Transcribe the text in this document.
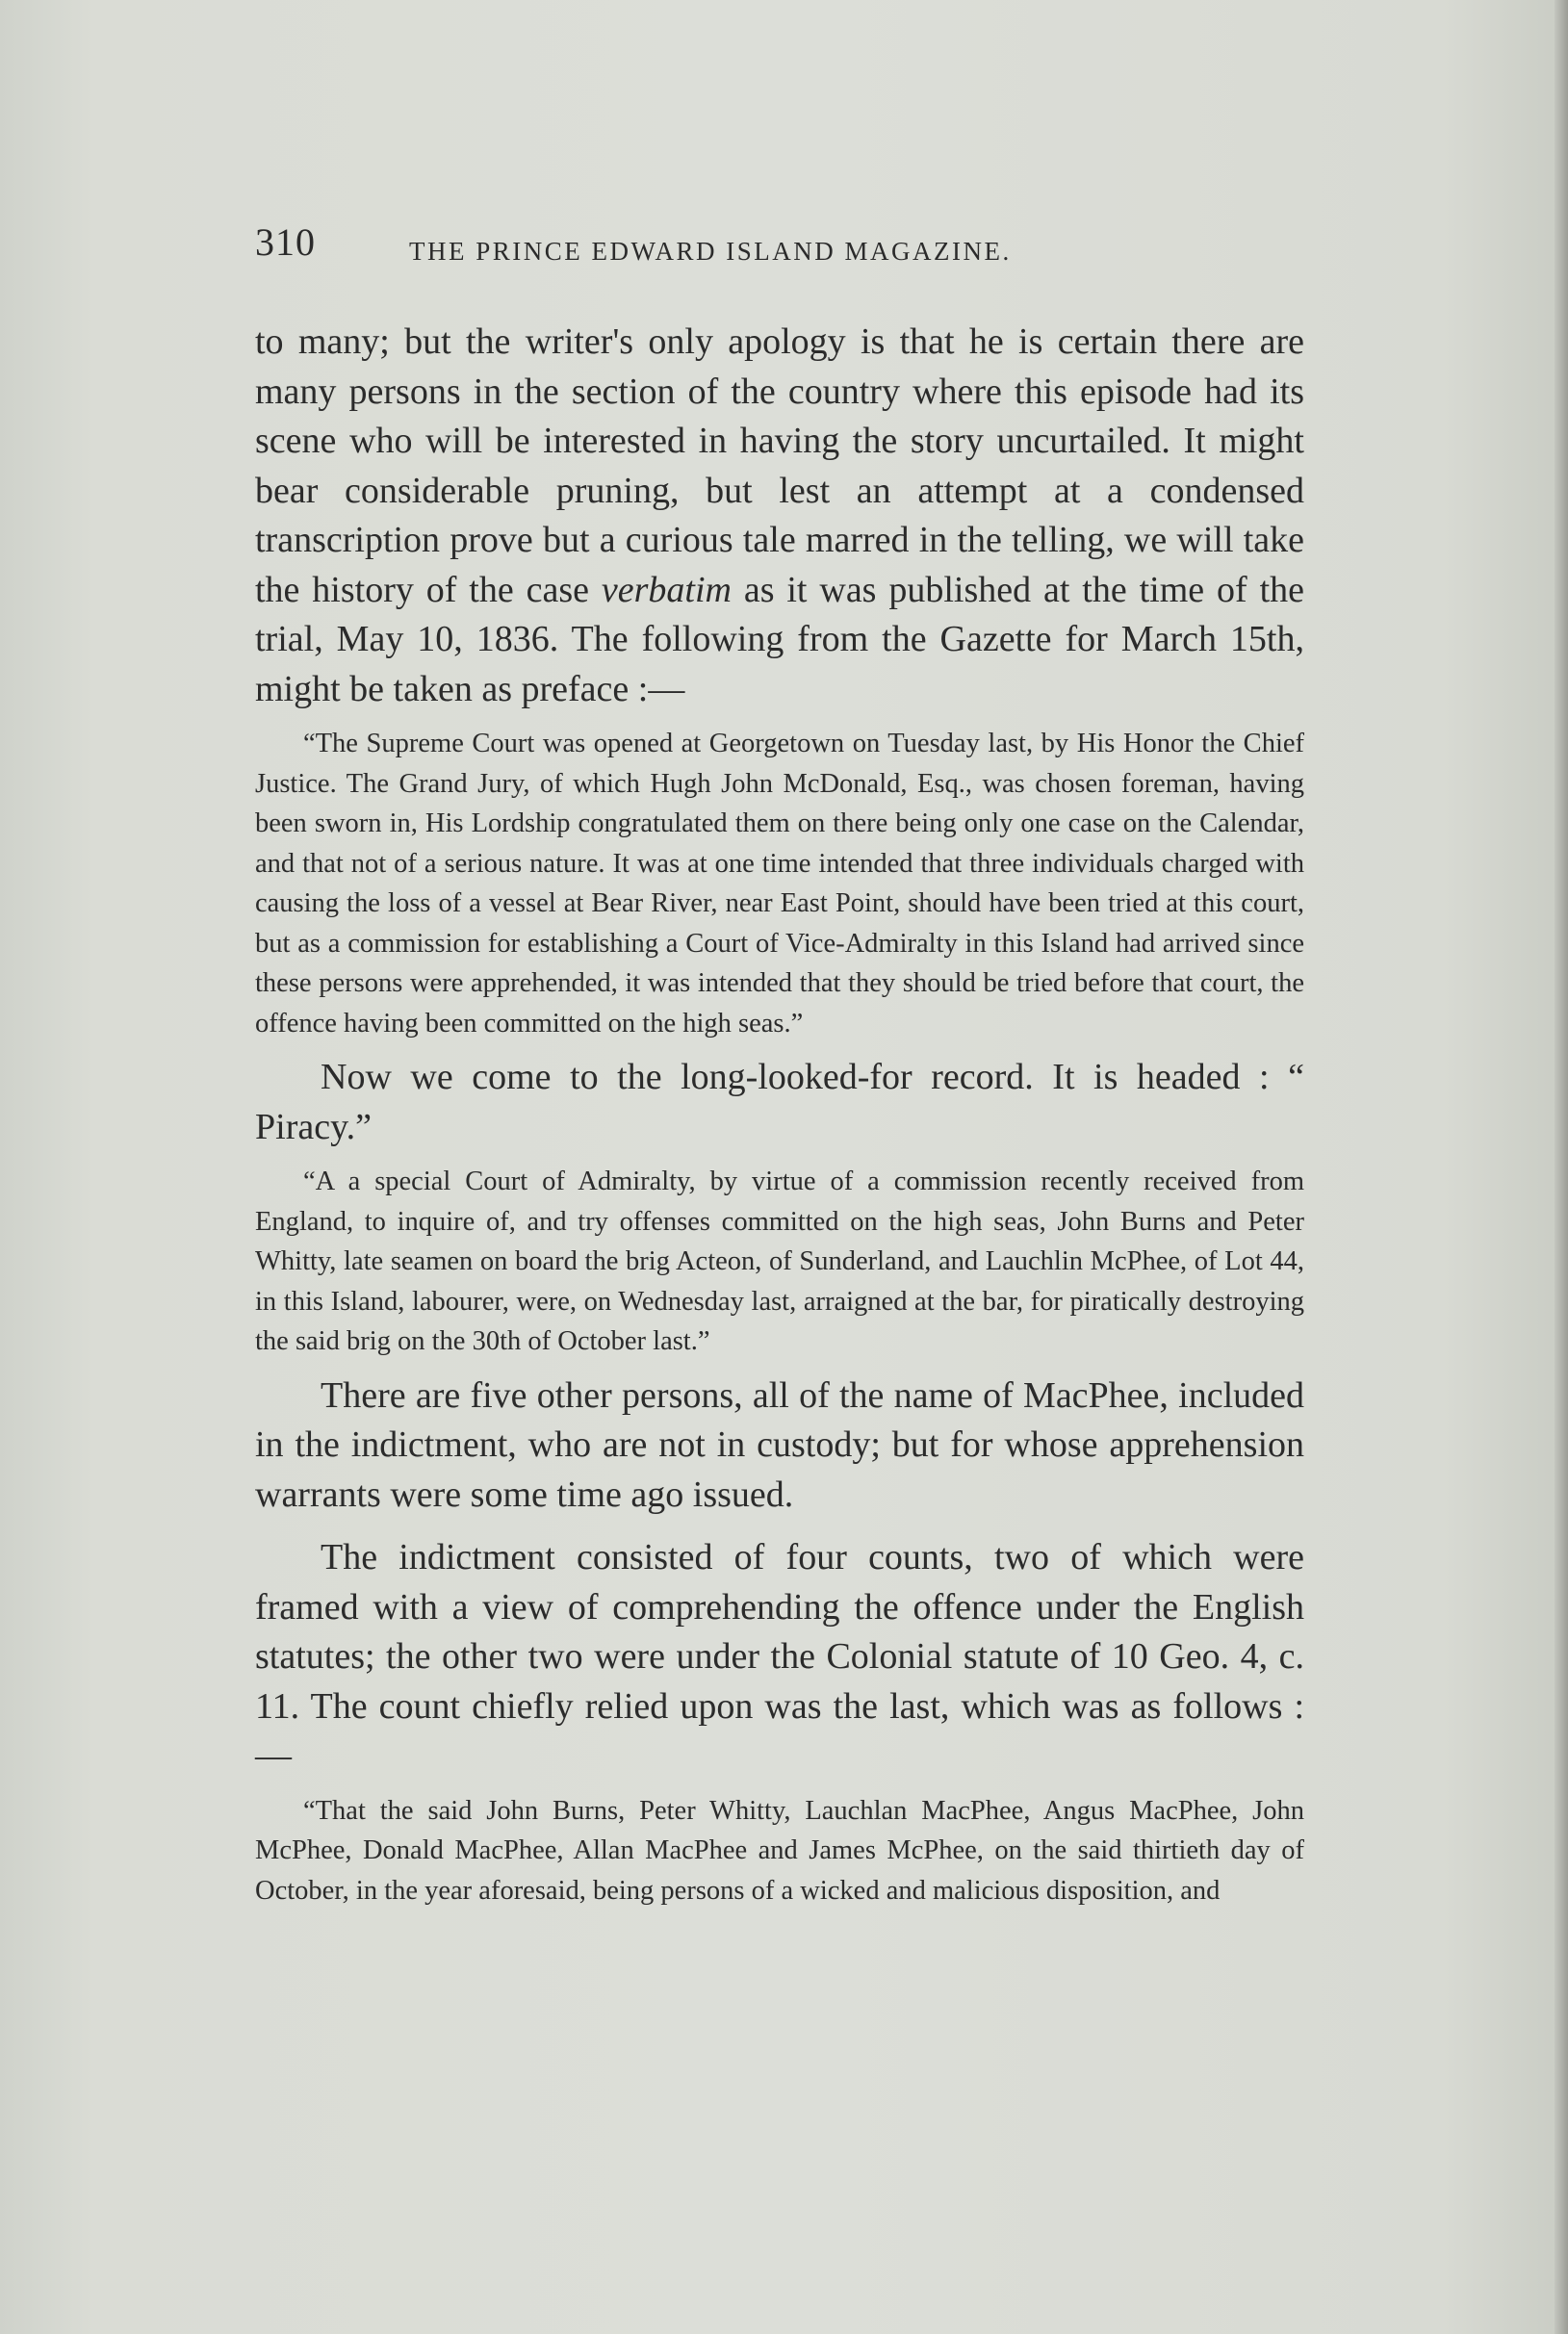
310	THE PRINCE EDWARD ISLAND MAGAZINE.

to many; but the writer's only apology is that he is certain there are many persons in the section of the country where this episode had its scene who will be interested in having the story uncurtailed. It might bear considerable pruning, but lest an attempt at a condensed transcription prove but a curious tale marred in the telling, we will take the history of the case verbatim as it was published at the time of the trial, May 10, 1836. The following from the Gazette for March 15th, might be taken as preface :—

“The Supreme Court was opened at Georgetown on Tuesday last, by His Honor the Chief Justice. The Grand Jury, of which Hugh John McDonald, Esq., was chosen foreman, having been sworn in, His Lordship congratulated them on there being only one case on the Calendar, and that not of a serious nature. It was at one time intended that three individuals charged with causing the loss of a vessel at Bear River, near East Point, should have been tried at this court, but as a commission for establishing a Court of Vice-Admiralty in this Island had arrived since these persons were apprehended, it was intended that they should be tried before that court, the offence having been committed on the high seas.”

Now we come to the long-looked-for record. It is headed : “ Piracy.”

“A a special Court of Admiralty, by virtue of a commission recently received from England, to inquire of, and try offenses committed on the high seas, John Burns and Peter Whitty, late seamen on board the brig Acteon, of Sunderland, and Lauchlin McPhee, of Lot 44, in this Island, labourer, were, on Wednesday last, arraigned at the bar, for piratically destroying the said brig on the 30th of October last.”

There are five other persons, all of the name of MacPhee, included in the indictment, who are not in custody; but for whose apprehension warrants were some time ago issued.

The indictment consisted of four counts, two of which were framed with a view of comprehending the offence under the English statutes; the other two were under the Colonial statute of 10 Geo. 4, c. 11. The count chiefly relied upon was the last, which was as follows :—

“That the said John Burns, Peter Whitty, Lauchlan MacPhee, Angus MacPhee, John McPhee, Donald MacPhee, Allan MacPhee and James McPhee, on the said thirtieth day of October, in the year aforesaid, being persons of a wicked and malicious disposition, and
